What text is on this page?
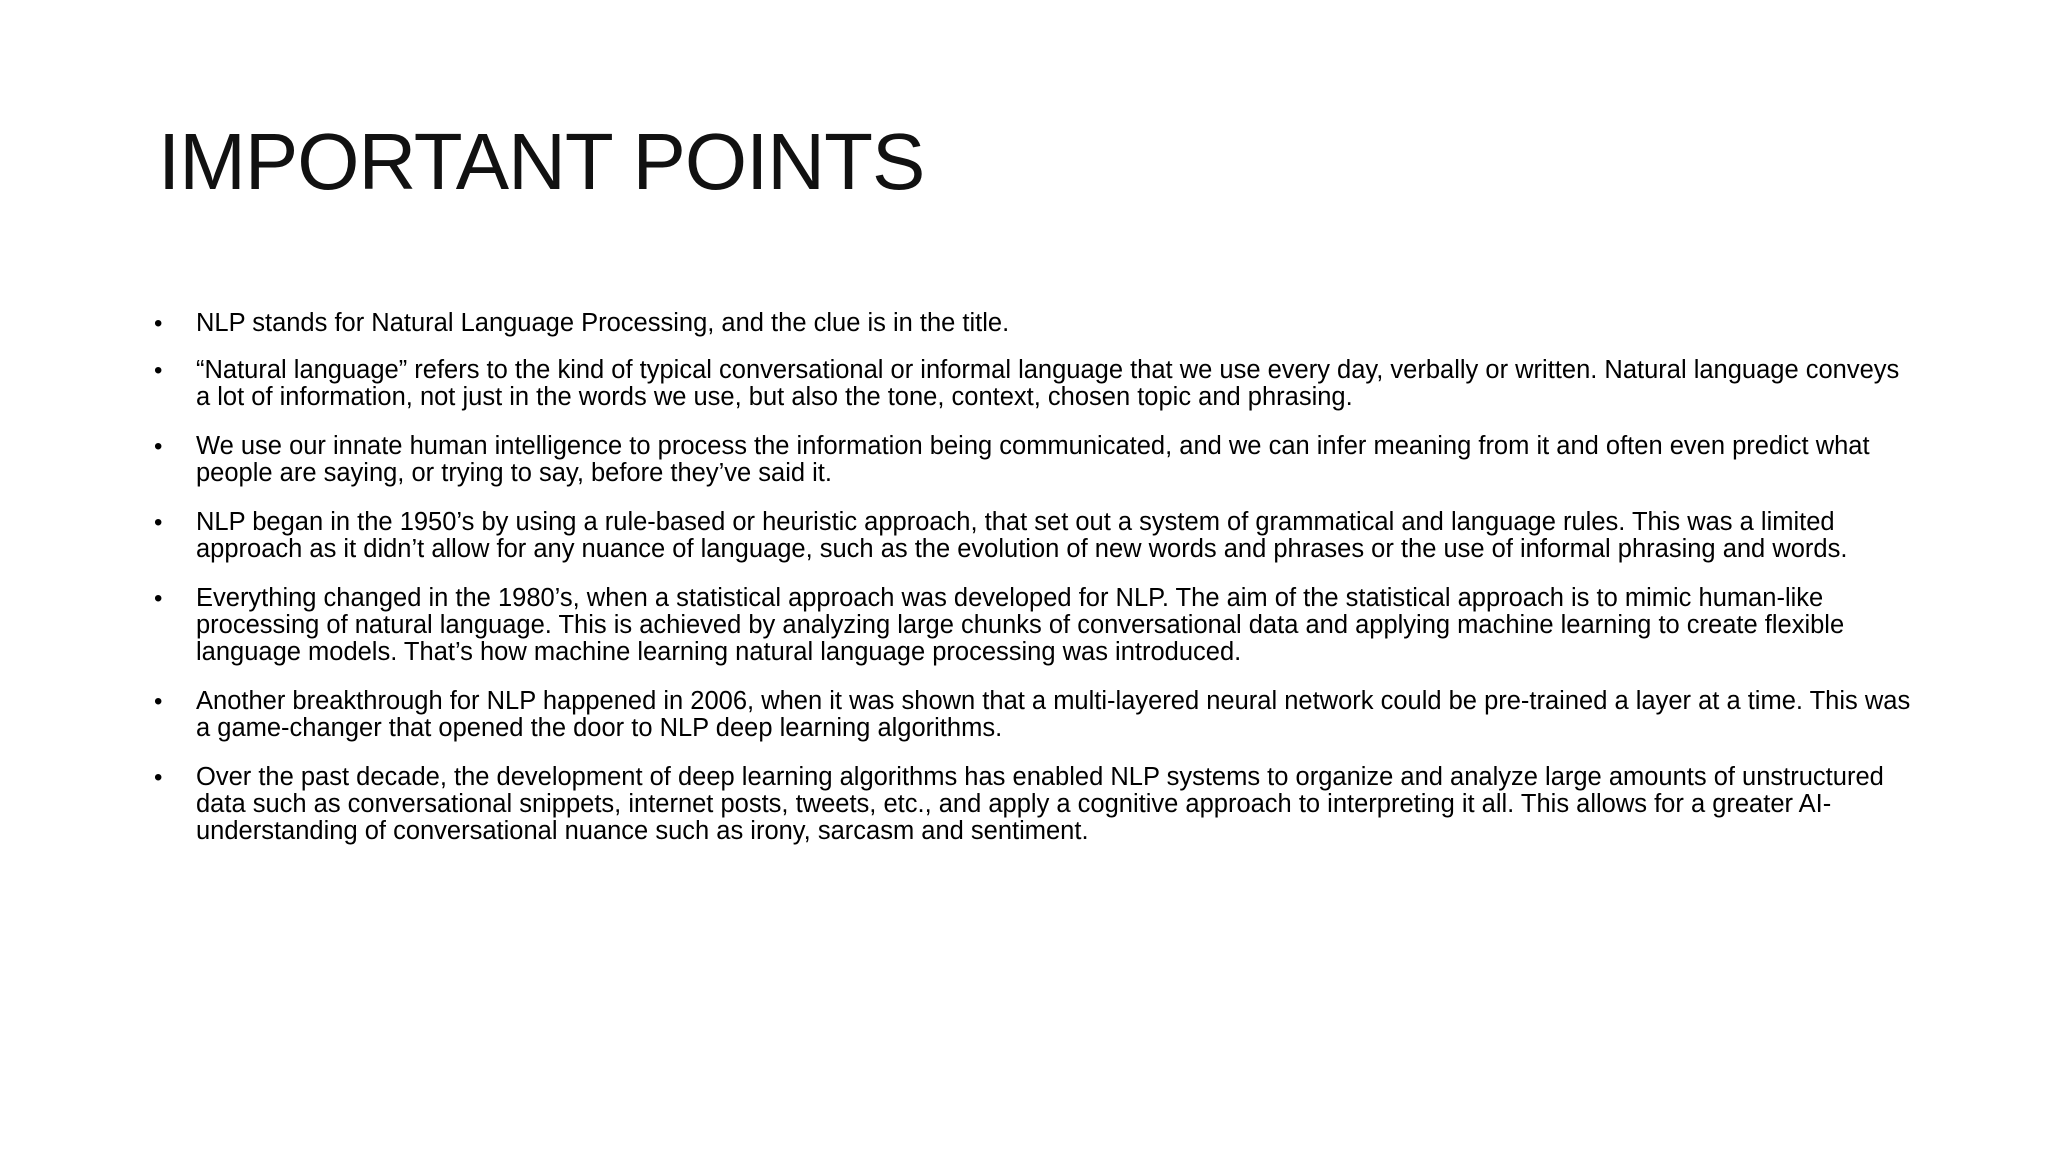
IMPORTANT POINTS
• NLP stands for Natural Language Processing, and the clue is in the title.
• “Natural language” refers to the kind of typical conversational or informal language that we use every day, verbally or written. Natural language conveys a lot of information, not just in the words we use, but also the tone, context, chosen topic and phrasing.
• We use our innate human intelligence to process the information being communicated, and we can infer meaning from it and often even predict what people are saying, or trying to say, before they’ve said it.
• NLP began in the 1950’s by using a rule-based or heuristic approach, that set out a system of grammatical and language rules. This was a limited approach as it didn’t allow for any nuance of language, such as the evolution of new words and phrases or the use of informal phrasing and words.
• Everything changed in the 1980’s, when a statistical approach was developed for NLP. The aim of the statistical approach is to mimic human-like processing of natural language. This is achieved by analyzing large chunks of conversational data and applying machine learning to create flexible language models. That’s how machine learning natural language processing was introduced.
• Another breakthrough for NLP happened in 2006, when it was shown that a multi-layered neural network could be pre-trained a layer at a time. This was a game-changer that opened the door to NLP deep learning algorithms.
• Over the past decade, the development of deep learning algorithms has enabled NLP systems to organize and analyze large amounts of unstructured data such as conversational snippets, internet posts, tweets, etc., and apply a cognitive approach to interpreting it all. This allows for a greater AI-understanding of conversational nuance such as irony, sarcasm and sentiment.
